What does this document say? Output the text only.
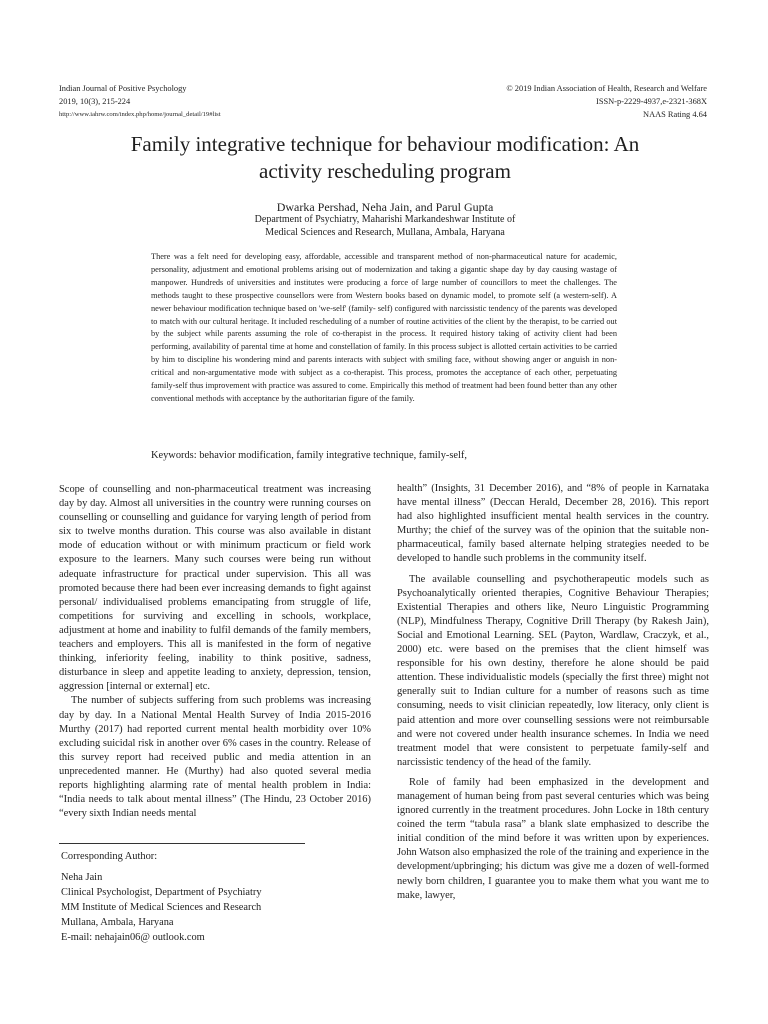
Indian Journal of Positive Psychology
2019, 10(3), 215-224
http://www.iahrw.com/index.php/home/journal_detail/19#list
© 2019 Indian Association of Health, Research and Welfare
ISSN-p-2229-4937,e-2321-368X
NAAS Rating 4.64
Family integrative technique for behaviour modification: An
activity rescheduling program
Dwarka Pershad, Neha Jain, and Parul Gupta
Department of Psychiatry, Maharishi Markandeshwar Institute of
Medical Sciences and Research, Mullana, Ambala, Haryana

There was a felt need for developing easy, affordable, accessible and transparent method of non-pharmaceutical nature for academic, personality, adjustment and emotional problems arising out of modernization and taking a gigantic shape day by day causing wastage of manpower. Hundreds of universities and institutes were producing a force of large number of councillors to meet the challenges. The methods taught to these prospective counsellors were from Western books based on dynamic model, to promote self (a western-self). A newer behaviour modification technique based on 'we-self' (family- self) configured with narcissistic tendency of the parents was developed to match with our cultural heritage. It included rescheduling of a number of routine activities of the client by the therapist, to be carried out by the subject while parents assuming the role of co-therapist in the process. It required history taking of activity client had been performing, availability of parental time at home and constellation of family. In this process subject is allotted certain activities to be carried by him to discipline his wondering mind and parents interacts with subject with smiling face, without showing anger or anguish in non-critical and non-argumentative mode with subject as a co-therapist. This process, promotes the acceptance of each other, perpetuating family-self thus improvement with practice was assured to come. Empirically this method of treatment had been found better than any other conventional methods with acceptance by the authoritarian figure of the family.

Keywords: behavior modification, family integrative technique, family-self,

Scope of counselling and non-pharmaceutical treatment was increasing day by day. Almost all universities in the country were running courses on counselling or counselling and guidance for varying length of period from six to twelve months duration. This course was also available in distant mode of education without or with minimum practicum or field work exposure to the learners. Many such courses were being run without adequate infrastructure for practical under supervision. This all was promoted because there had been ever increasing demands to fight against personal/ individualised problems emancipating from struggle of life, competitions for surviving and excelling in schools, workplace, adjustment at home and inability to fulfil demands of the family members, teachers and employers. This all is manifested in the form of negative thinking, inferiority feeling, inability to think positive, sadness, disturbance in sleep and appetite leading to anxiety, depression, tension, aggression [internal or external] etc.

The number of subjects suffering from such problems was increasing day by day. In a National Mental Health Survey of India 2015-2016 Murthy (2017) had reported current mental health morbidity over 10% excluding suicidal risk in another over 6% cases in the country. Release of this survey report had received public and media attention in an unprecedented manner. He (Murthy) had also quoted several media reports highlighting alarming rate of mental health problem in India: “India needs to talk about mental illness” (The Hindu, 23 October 2016) “every sixth Indian needs mental

Corresponding Author:
Neha Jain
Clinical Psychologist, Department of Psychiatry
MM Institute of Medical Sciences and Research
Mullana, Ambala, Haryana
E-mail: nehajain06@ outlook.com

health” (Insights, 31 December 2016), and “8% of people in Karnataka have mental illness” (Deccan Herald, December 28, 2016). This report had also highlighted insufficient mental health services in the country. Murthy; the chief of the survey was of the opinion that the suitable non-pharmaceutical, family based alternate helping strategies needed to be developed to handle such problems in the community itself.

The available counselling and psychotherapeutic models such as Psychoanalytically oriented therapies, Cognitive Behaviour Therapies; Existential Therapies and others like, Neuro Linguistic Programming (NLP), Mindfulness Therapy, Cognitive Drill Therapy (by Rakesh Jain), Social and Emotional Learning. SEL (Payton, Wardlaw, Craczyk, et al., 2000) etc. were based on the premises that the client himself was responsible for his own destiny, therefore he alone should be paid attention. These individualistic models (specially the first three) might not generally suit to Indian culture for a number of reasons such as time consuming, needs to visit clinician repeatedly, low literacy, only client is paid attention and more over counselling sessions were not reimbursable and were not covered under health insurance schemes. In India we need treatment model that were consistent to perpetuate family-self and narcissistic tendency of the head of the family.

Role of family had been emphasized in the development and management of human being from past several centuries which was being ignored currently in the treatment procedures. John Locke in 18th century coined the term “tabula rasa” a blank slate emphasized to describe the initial condition of the mind before it was written upon by experiences. John Watson also emphasized the role of the training and experience in the development/upbringing; his dictum was give me a dozen of well-formed newly born children, I guarantee you to make them what you want me to make, lawyer,
